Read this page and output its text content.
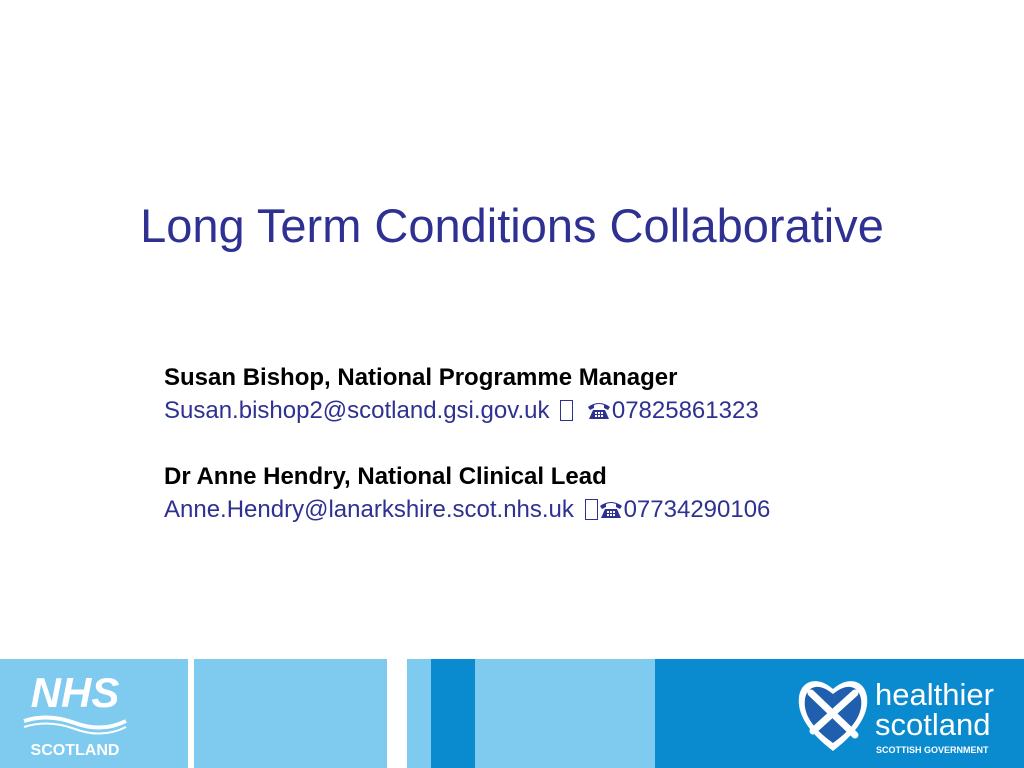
Long Term Conditions Collaborative
Susan Bishop, National Programme Manager
Susan.bishop2@scotland.gsi.gov.uk	07825861323
Dr Anne Hendry, National Clinical Lead
Anne.Hendry@lanarkshire.scot.nhs.uk 07734290106
NHS
SCOTLAND
healthier
scotland
SCOTTISH GOVERNMENT
